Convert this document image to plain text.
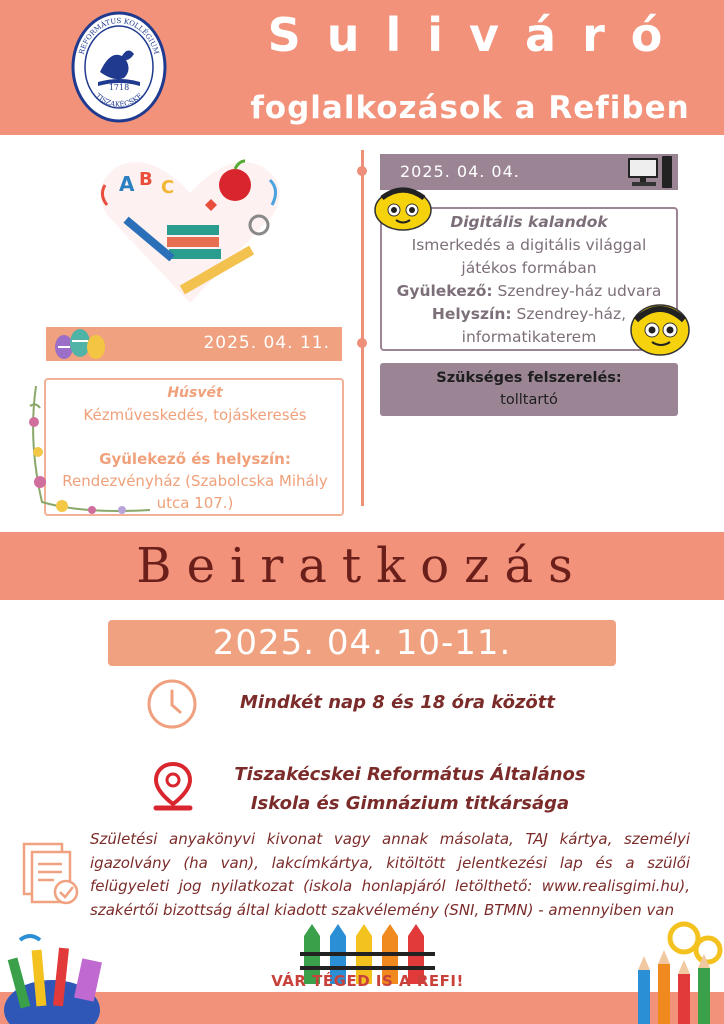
1718
REFORMÁTUS KOLLÉGIUM
TISZAKÉCSKE
Suliváró
foglalkozások a Refiben
A B C
2025. 04. 04.
Digitális kalandok
Ismerkedés a digitális világgal játékos formában
Gyülekező: Szendrey-ház udvara
Helyszín: Szendrey-ház, informatikaterem
Szükséges felszerelés:
tolltartó
2025. 04. 11.
Húsvét
Kézműveskedés, tojáskeresés
Gyülekező és helyszín:
Rendezvényház (Szabolcska Mihály utca 107.)
Beiratkozás
2025. 04. 10-11.
Mindkét nap 8 és 18 óra között
Tiszakécskei Református Általános
Iskola és Gimnázium titkársága
Születési anyakönyvi kivonat vagy annak másolata, TAJ kártya, személyi igazolvány (ha van), lakcímkártya, kitöltött jelentkezési lap és a szülői felügyeleti jog nyilatkozat (iskola honlapjáról letölthető: www.realisgimi.hu), szakértői bizottság által kiadott szakvélemény (SNI, BTMN) - amennyiben van
VÁR TÉGED IS A REFI!
